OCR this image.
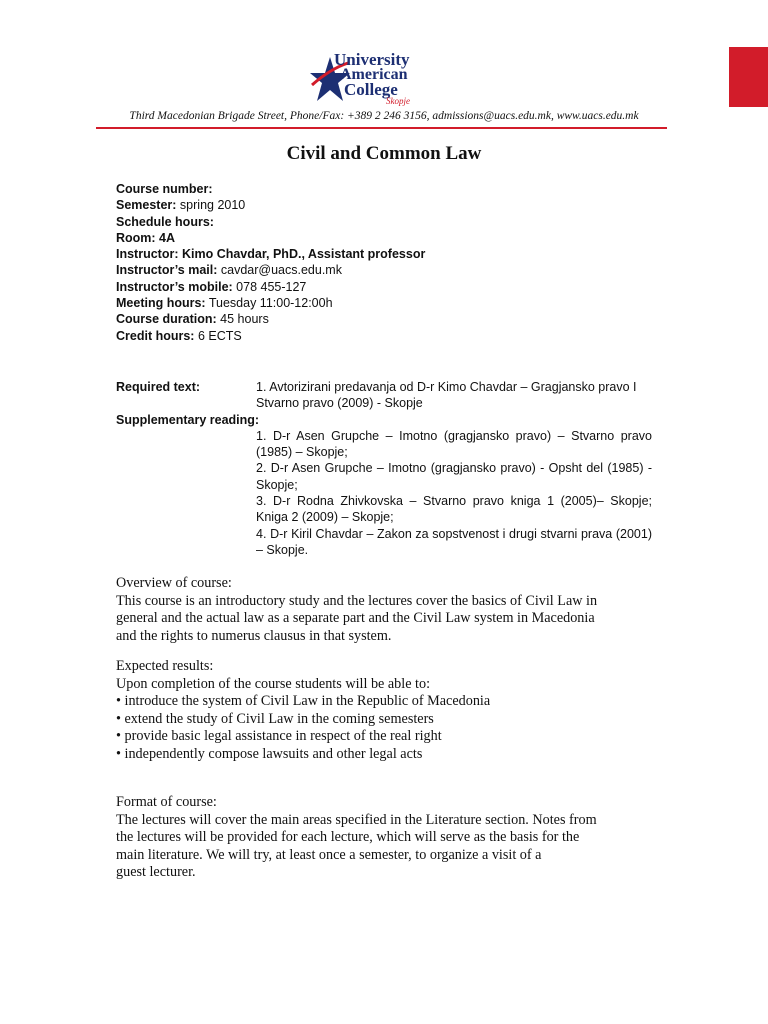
University
American
College
Skopje
Third Macedonian Brigade Street, Phone/Fax: +389 2 246 3156, admissions@uacs.edu.mk, www.uacs.edu.mk
Civil and Common Law
Course number:
Semester: spring 2010
Schedule hours:
Room: 4A
Instructor: Kimo Chavdar, PhD., Assistant professor
Instructor’s mail: cavdar@uacs.edu.mk
Instructor’s mobile: 078 455-127
Meeting hours: Tuesday 11:00-12:00h
Course duration: 45 hours
Credit hours: 6 ECTS
Required text:	1. Avtorizirani predavanja od D-r Kimo Chavdar – Gragjansko pravo I Stvarno pravo (2009) - Skopje
Supplementary reading:
1. D-r Asen Grupche – Imotno (gragjansko pravo) – Stvarno pravo (1985) – Skopje;
2. D-r Asen Grupche – Imotno (gragjansko pravo) - Opsht del (1985) - Skopje;
3. D-r Rodna Zhivkovska – Stvarno pravo kniga 1 (2005)– Skopje; Kniga 2 (2009) – Skopje;
4. D-r Kiril Chavdar – Zakon za sopstvenost i drugi stvarni prava (2001) – Skopje.

Overview of course:

This course is an introductory study and the lectures cover the basics of Civil Law in

general and the actual law as a separate part and the Civil Law system in Macedonia

and the rights to numerus clausus in that system.

Expected results:

Upon completion of the course students will be able to:

• introduce the system of Civil Law in the Republic of Macedonia

• extend the study of Civil Law in the coming semesters

• provide basic legal assistance in respect of the real right

• independently compose lawsuits and other legal acts

Format of course:

The lectures will cover the main areas specified in the Literature section. Notes from

the lectures will be provided for each lecture, which will serve as the basis for the

main literature. We will try, at least once a semester, to organize a visit of a

guest lecturer.
